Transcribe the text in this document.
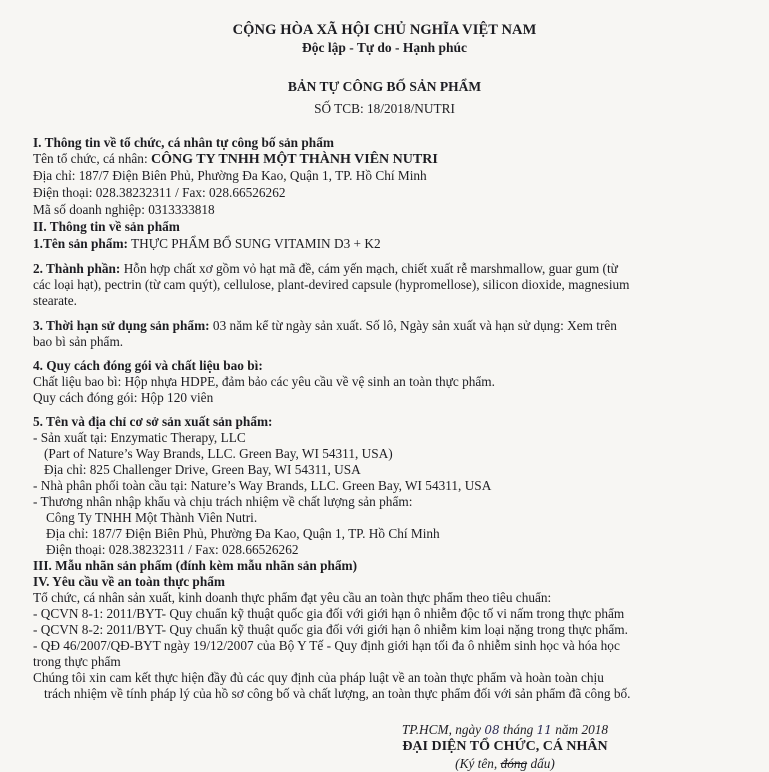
CỘNG HÒA XÃ HỘI CHỦ NGHĨA VIỆT NAM
Độc lập - Tự do - Hạnh phúc
BẢN TỰ CÔNG BỐ SẢN PHẨM
SỐ TCB: 18/2018/NUTRI
I. Thông tin về tổ chức, cá nhân tự công bố sản phẩm
Tên tổ chức, cá nhân: CÔNG TY TNHH MỘT THÀNH VIÊN NUTRI
Địa chỉ: 187/7 Điện Biên Phủ, Phường Đa Kao, Quận 1, TP. Hồ Chí Minh
Điện thoại: 028.38232311 / Fax: 028.66526262
Mã số doanh nghiệp: 0313333818
II. Thông tin về sản phẩm
1.Tên sản phẩm: THỰC PHẨM BỔ SUNG VITAMIN D3 + K2
2. Thành phần: Hỗn hợp chất xơ gồm vỏ hạt mã đề, cám yến mạch, chiết xuất rễ marshmallow, guar gum (từ
các loại hạt), pectrin (từ cam quýt), cellulose, plant-devired capsule (hypromellose), silicon dioxide, magnesium
stearate.
3. Thời hạn sử dụng sản phẩm: 03 năm kể từ ngày sản xuất. Số lô, Ngày sản xuất và hạn sử dụng: Xem trên
bao bì sản phẩm.
4. Quy cách đóng gói và chất liệu bao bì:
Chất liệu bao bì: Hộp nhựa HDPE, đảm bảo các yêu cầu về vệ sinh an toàn thực phẩm.
Quy cách đóng gói: Hộp 120 viên
5. Tên và địa chỉ cơ sở sản xuất sản phẩm:
- Sản xuất tại: Enzymatic Therapy, LLC
(Part of Nature’s Way Brands, LLC. Green Bay, WI 54311, USA)
Địa chỉ: 825 Challenger Drive, Green Bay, WI 54311, USA
- Nhà phân phối toàn cầu tại: Nature’s Way Brands, LLC. Green Bay, WI 54311, USA
- Thương nhân nhập khẩu và chịu trách nhiệm về chất lượng sản phẩm:
Công Ty TNHH Một Thành Viên Nutri.
Địa chỉ: 187/7 Điện Biên Phủ, Phường Đa Kao, Quận 1, TP. Hồ Chí Minh
Điện thoại: 028.38232311 / Fax: 028.66526262
III. Mẫu nhãn sản phẩm (đính kèm mẫu nhãn sản phẩm)
IV. Yêu cầu về an toàn thực phẩm
Tổ chức, cá nhân sản xuất, kinh doanh thực phẩm đạt yêu cầu an toàn thực phẩm theo tiêu chuẩn:
- QCVN 8-1: 2011/BYT- Quy chuẩn kỹ thuật quốc gia đối với giới hạn ô nhiễm độc tố vi nấm trong thực phẩm
- QCVN 8-2: 2011/BYT- Quy chuẩn kỹ thuật quốc gia đối với giới hạn ô nhiễm kim loại nặng trong thực phẩm.
- QĐ 46/2007/QĐ-BYT ngày 19/12/2007 của Bộ Y Tế - Quy định giới hạn tối đa ô nhiễm sinh học và hóa học
trong thực phẩm
Chúng tôi xin cam kết thực hiện đầy đủ các quy định của pháp luật về an toàn thực phẩm và hoàn toàn chịu
trách nhiệm về tính pháp lý của hồ sơ công bố và chất lượng, an toàn thực phẩm đối với sản phẩm đã công bố.
TP.HCM, ngày 08 tháng 11 năm 2018
ĐẠI DIỆN TỔ CHỨC, CÁ NHÂN
(Ký tên, đóng dấu)
